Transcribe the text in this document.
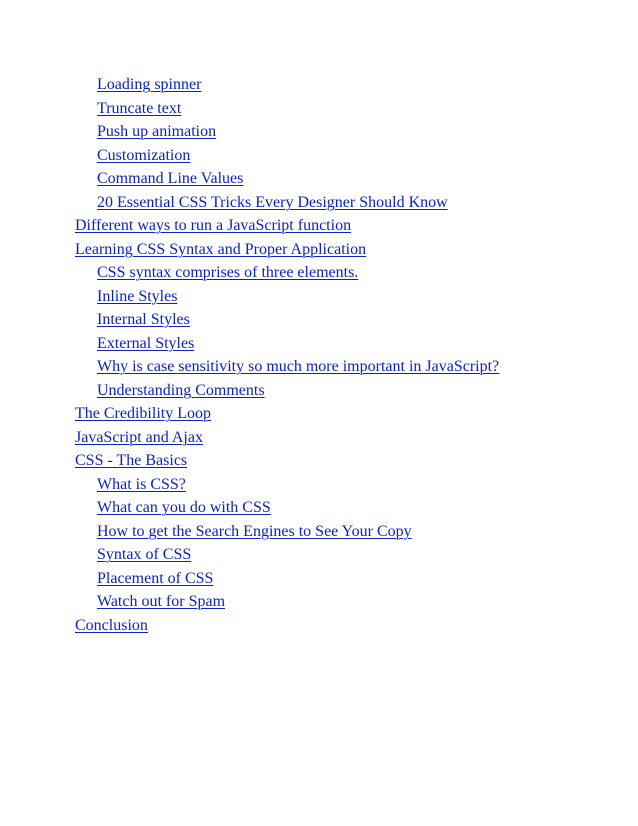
Loading spinner
Truncate text
Push up animation
Customization
Command Line Values
20 Essential CSS Tricks Every Designer Should Know
Different ways to run a JavaScript function
Learning CSS Syntax and Proper Application
CSS syntax comprises of three elements.
Inline Styles
Internal Styles
External Styles
Why is case sensitivity so much more important in JavaScript?
Understanding Comments
The Credibility Loop
JavaScript and Ajax
CSS - The Basics
What is CSS?
What can you do with CSS
How to get the Search Engines to See Your Copy
Syntax of CSS
Placement of CSS
Watch out for Spam
Conclusion
